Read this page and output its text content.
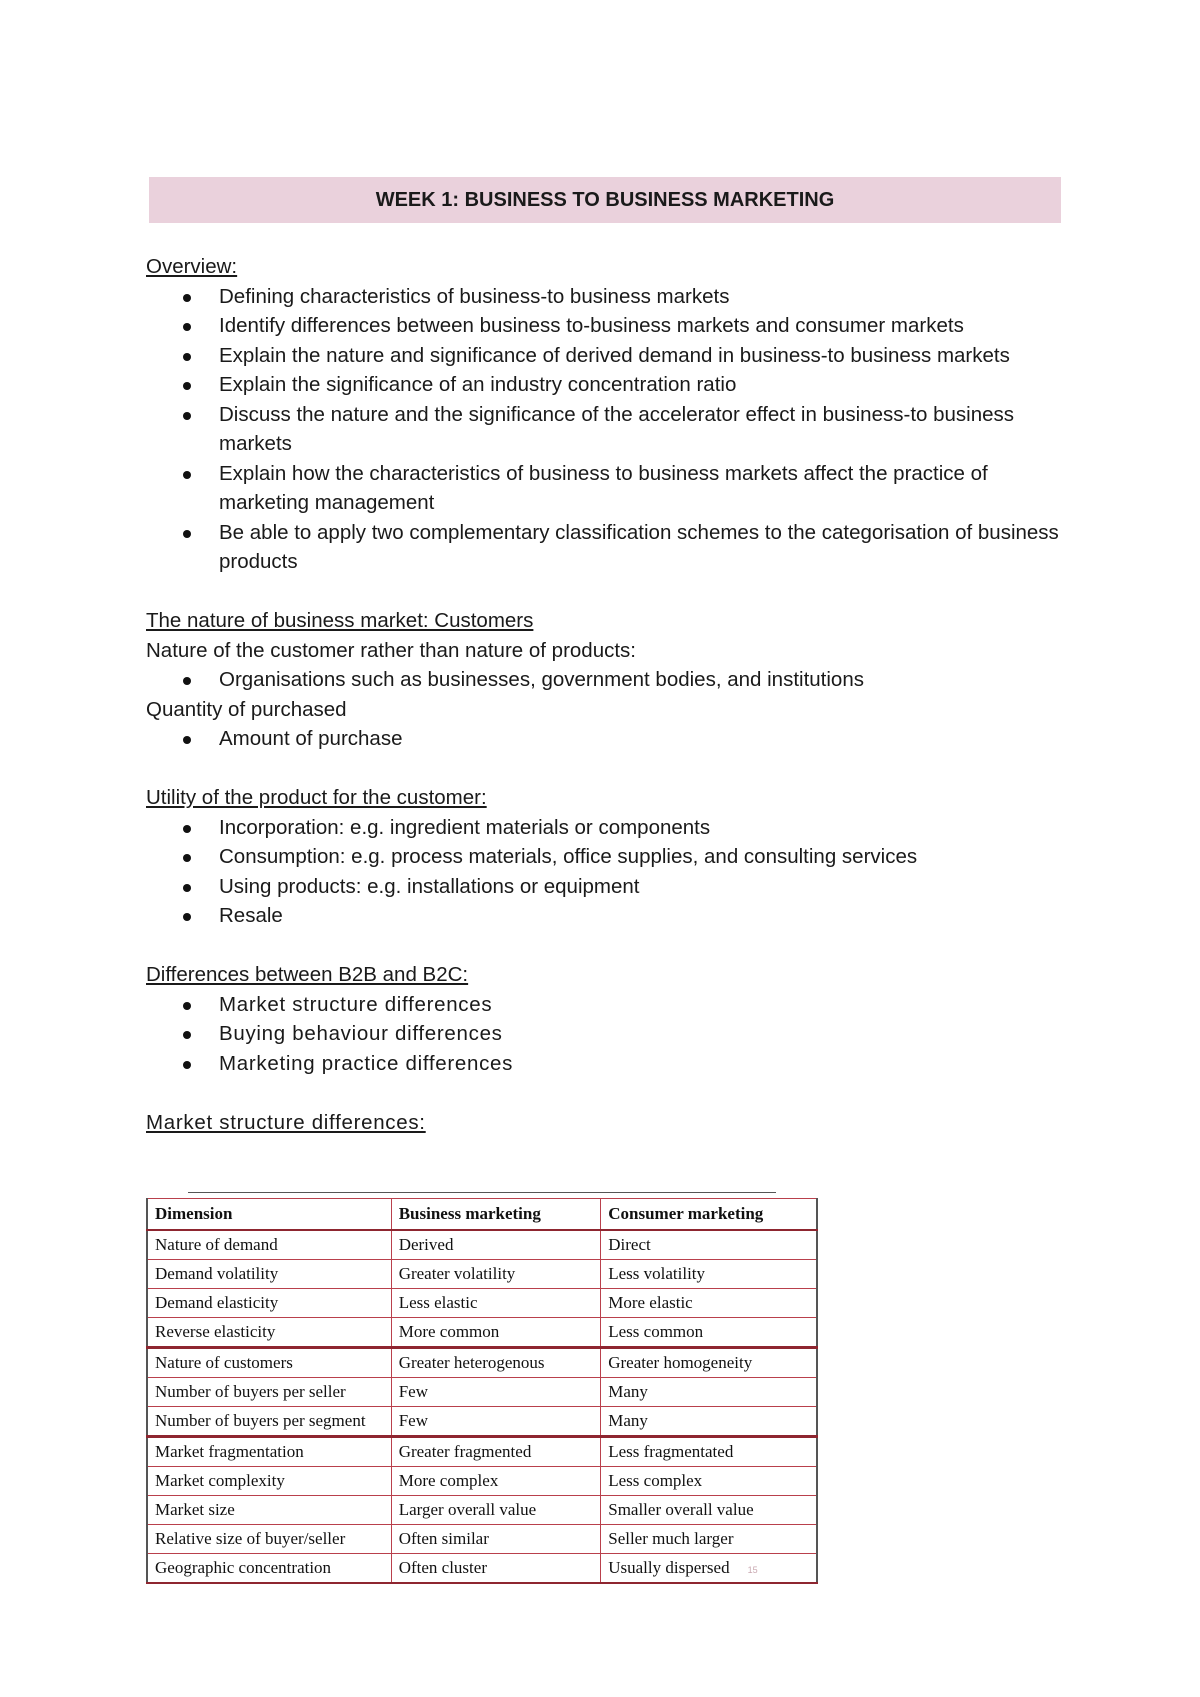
WEEK 1: BUSINESS TO BUSINESS MARKETING
Overview:
Defining characteristics of business-to business markets
Identify differences between business to-business markets and consumer markets
Explain the nature and significance of derived demand in business-to business markets
Explain the significance of an industry concentration ratio
Discuss the nature and the significance of the accelerator effect in business-to business markets
Explain how the characteristics of business to business markets affect the practice of marketing management
Be able to apply two complementary classification schemes to the categorisation of business products
The nature of business market: Customers
Nature of the customer rather than nature of products:
Organisations such as businesses, government bodies, and institutions
Quantity of purchased
Amount of purchase
Utility of the product for the customer:
Incorporation: e.g. ingredient materials or components
Consumption: e.g. process materials, office supplies, and consulting services
Using products: e.g. installations or equipment
Resale
Differences between B2B and B2C:
Market structure differences
Buying behaviour differences
Marketing practice differences
Market structure differences:
Dimension	Business marketing	Consumer marketing
Nature of demand	Derived	Direct
Demand volatility	Greater volatility	Less volatility
Demand elasticity	Less elastic	More elastic
Reverse elasticity	More common	Less common
Nature of customers	Greater heterogenous	Greater homogeneity
Number of buyers per seller	Few	Many
Number of buyers per segment	Few	Many
Market fragmentation	Greater fragmented	Less fragmentated
Market complexity	More complex	Less complex
Market size	Larger overall value	Smaller overall value
Relative size of buyer/seller	Often similar	Seller much larger
Geographic concentration	Often cluster	Usually dispersed 15
